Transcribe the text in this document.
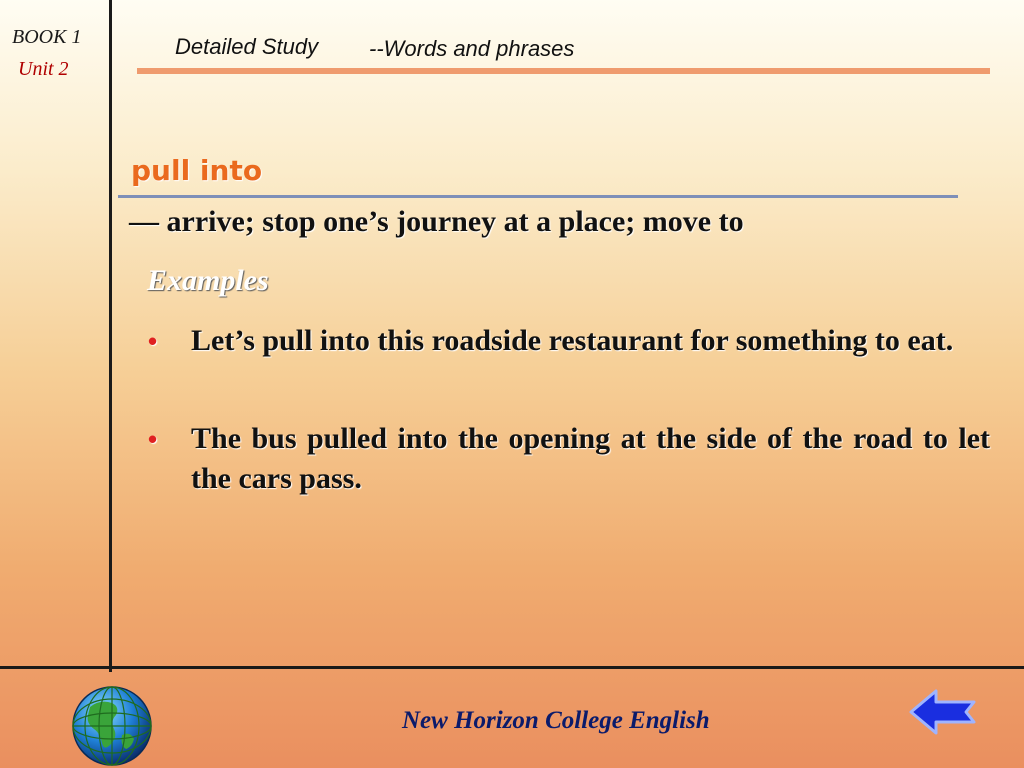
BOOK 1
Unit 2
Detailed Study --Words and phrases
pull into
— arrive; stop one’s journey at a place; move to
Examples
• Let’s pull into this roadside restaurant for something to eat.
• The bus pulled into the opening at the side of the road to let the cars pass.
New Horizon College English
